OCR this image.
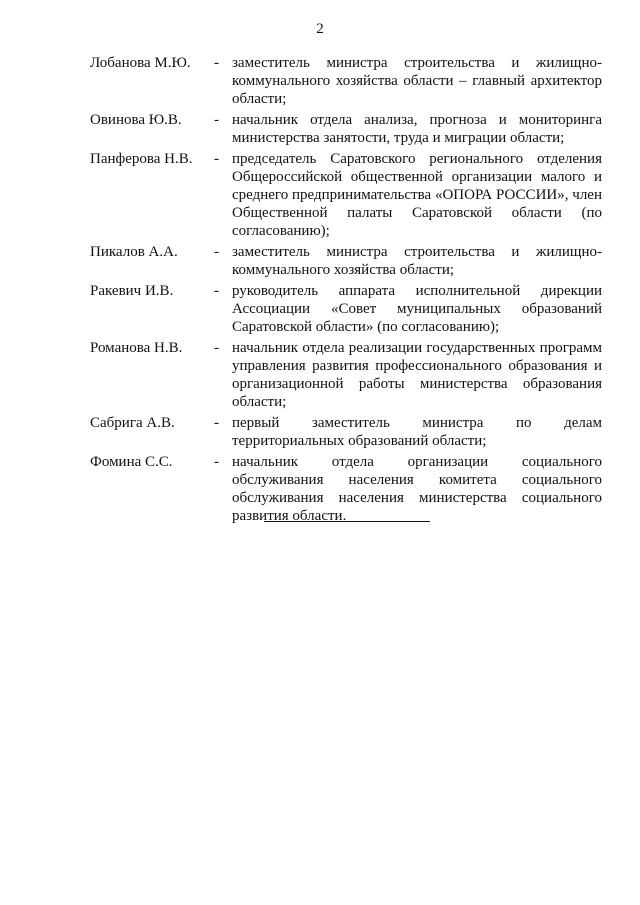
2
Лобанова М.Ю.	- заместитель министра строительства и жилищно-коммунального хозяйства области – главный архитектор области;
Овинова Ю.В.	- начальник отдела анализа, прогноза и мониторинга министерства занятости, труда и миграции области;
Панферова Н.В.	- председатель Саратовского регионального отделения Общероссийской общественной организации малого и среднего предпринимательства «ОПОРА РОССИИ», член Общественной палаты Саратовской области (по согласованию);
Пикалов А.А.	- заместитель министра строительства и жилищно-коммунального хозяйства области;
Ракевич И.В.	- руководитель аппарата исполнительной дирекции Ассоциации «Совет муниципальных образований Саратовской области» (по согласованию);
Романова Н.В.	- начальник отдела реализации государственных программ управления развития профессионального образования и организационной работы министерства образования области;
Сабрига А.В.	- первый заместитель министра по делам территориальных образований области;
Фомина С.С.	- начальник отдела организации социального обслуживания населения комитета социального обслуживания населения министерства социального развития области.
